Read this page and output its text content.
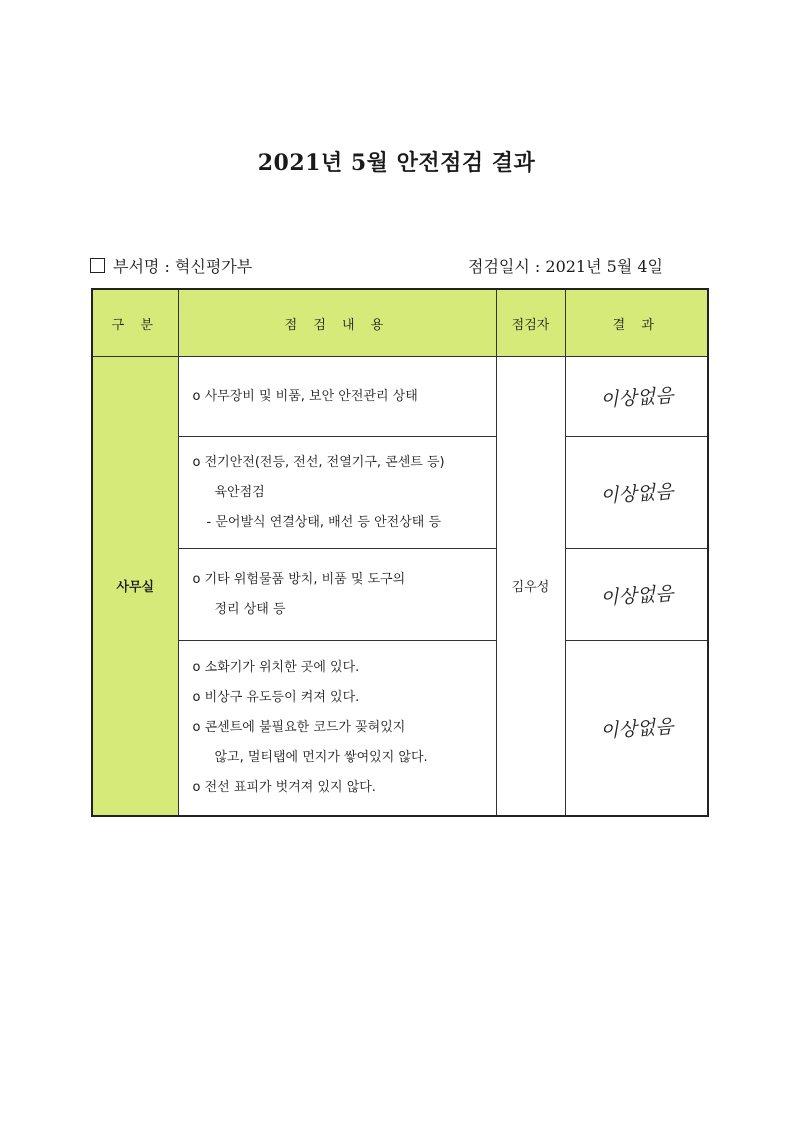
2021년 5월 안전점검 결과
부서명 : 혁신평가부	점검일시 : 2021년 5월 4일
구 분	점 검 내 용	점검자	결 과
사무실	o 사무장비 및 비품, 보안 안전관리 상태	김우성	이상없음

	o 전기안전(전등, 전선, 전열기구, 콘센트 등)
육안점검
- 문어발식 연결상태, 배선 등 안전상태 등		이상없음

	o 기타 위험물품 방치, 비품 및 도구의
정리 상태 등		이상없음

	o 소화기가 위치한 곳에 있다.
o 비상구 유도등이 켜져 있다.
o 콘센트에 불필요한 코드가 꽂혀있지
않고, 멀티탭에 먼지가 쌓여있지 않다.
o 전선 표피가 벗겨져 있지 않다.		이상없음
